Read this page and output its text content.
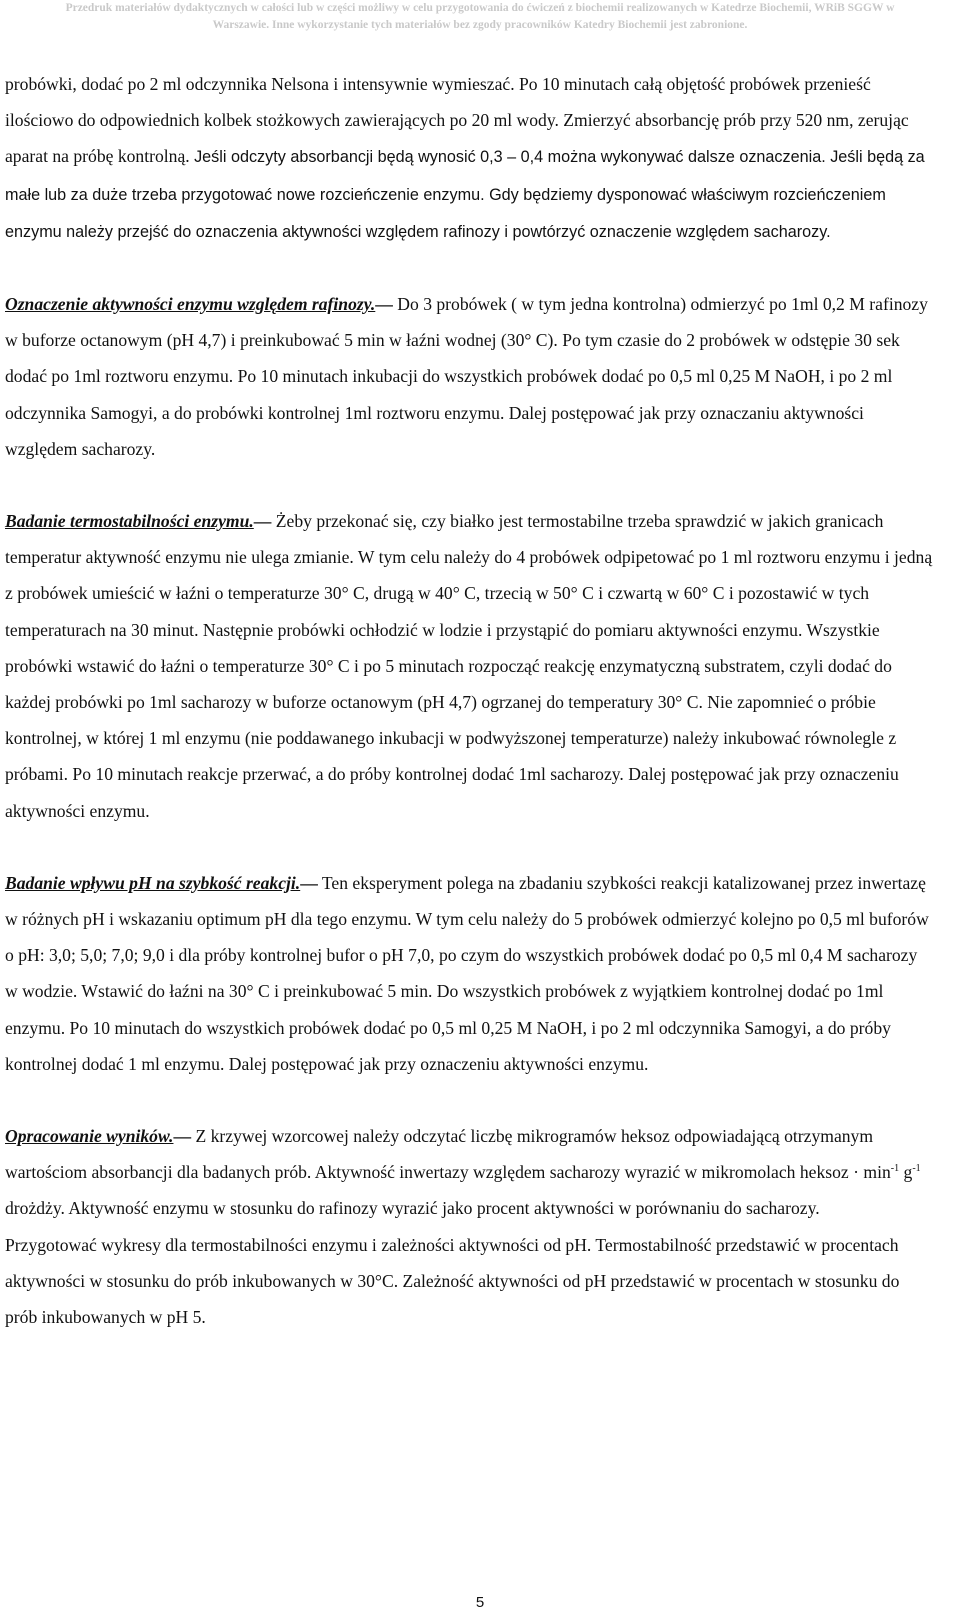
Przedruk materiałów dydaktycznych w całości lub w części możliwy w celu przygotowania do ćwiczeń z biochemii realizowanych w Katedrze Biochemii, WRiB SGGW w
Warszawie. Inne wykorzystanie tych materiałów bez zgody pracowników Katedry Biochemii jest zabronione.

probówki, dodać po 2 ml odczynnika Nelsona i intensywnie wymieszać. Po 10 minutach całą objętość probówek przenieść ilościowo do odpowiednich kolbek stożkowych zawierających po 20 ml wody. Zmierzyć absorbancję prób przy 520 nm, zerując aparat na próbę kontrolną. Jeśli odczyty absorbancji będą wynosić 0,3 – 0,4 można wykonywać dalsze oznaczenia. Jeśli będą za małe lub za duże trzeba przygotować nowe rozcieńczenie enzymu. Gdy będziemy dysponować właściwym rozcieńczeniem enzymu należy przejść do oznaczenia aktywności względem rafinozy i powtórzyć oznaczenie względem sacharozy.

Oznaczenie aktywności enzymu względem rafinozy.— Do 3 probówek ( w tym jedna kontrolna) odmierzyć po 1ml 0,2 M rafinozy w buforze octanowym (pH 4,7) i preinkubować 5 min w łaźni wodnej (30° C). Po tym czasie do 2 probówek w odstępie 30 sek dodać po 1ml roztworu enzymu. Po 10 minutach inkubacji do wszystkich probówek dodać po 0,5 ml 0,25 M NaOH, i po 2 ml odczynnika Samogyi, a do probówki kontrolnej 1ml roztworu enzymu. Dalej postępować jak przy oznaczaniu aktywności względem sacharozy.

Badanie termostabilności enzymu.— Żeby przekonać się, czy białko jest termostabilne trzeba sprawdzić w jakich granicach temperatur aktywność enzymu nie ulega zmianie. W tym celu należy do 4 probówek odpipetować po 1 ml roztworu enzymu i jedną z probówek umieścić w łaźni o temperaturze 30° C, drugą w 40° C, trzecią w 50° C i czwartą w 60° C i pozostawić w tych temperaturach na 30 minut. Następnie probówki ochłodzić w lodzie i przystąpić do pomiaru aktywności enzymu. Wszystkie probówki wstawić do łaźni o temperaturze 30° C i po 5 minutach rozpocząć reakcję enzymatyczną substratem, czyli dodać do każdej probówki po 1ml sacharozy w buforze octanowym (pH 4,7) ogrzanej do temperatury 30° C. Nie zapomnieć o próbie kontrolnej, w której 1 ml enzymu (nie poddawanego inkubacji w podwyższonej temperaturze) należy inkubować równolegle z próbami. Po 10 minutach reakcje przerwać, a do próby kontrolnej dodać 1ml sacharozy. Dalej postępować jak przy oznaczeniu aktywności enzymu.

Badanie wpływu pH na szybkość reakcji.— Ten eksperyment polega na zbadaniu szybkości reakcji katalizowanej przez inwertazę w różnych pH i wskazaniu optimum pH dla tego enzymu. W tym celu należy do 5 probówek odmierzyć kolejno po 0,5 ml buforów o pH: 3,0; 5,0; 7,0; 9,0 i dla próby kontrolnej bufor o pH 7,0, po czym do wszystkich probówek dodać po 0,5 ml 0,4 M sacharozy w wodzie. Wstawić do łaźni na 30° C i preinkubować 5 min. Do wszystkich probówek z wyjątkiem kontrolnej dodać po 1ml enzymu. Po 10 minutach do wszystkich probówek dodać po 0,5 ml 0,25 M NaOH, i po 2 ml odczynnika Samogyi, a do próby kontrolnej dodać 1 ml enzymu. Dalej postępować jak przy oznaczeniu aktywności enzymu.

Opracowanie wyników.— Z krzywej wzorcowej należy odczytać liczbę mikrogramów heksoz odpowiadającą otrzymanym wartościom absorbancji dla badanych prób. Aktywność inwertazy względem sacharozy wyrazić w mikromolach heksoz · $\min^{-1} g^{-1}$ drożdży. Aktywność enzymu w stosunku do rafinozy wyrazić jako procent aktywności w porównaniu do sacharozy.

Przygotować wykresy dla termostabilności enzymu i zależności aktywności od pH. Termostabilność przedstawić w procentach aktywności w stosunku do prób inkubowanych w 30°C. Zależność aktywności od pH przedstawić w procentach w stosunku do prób inkubowanych w pH 5.

5
